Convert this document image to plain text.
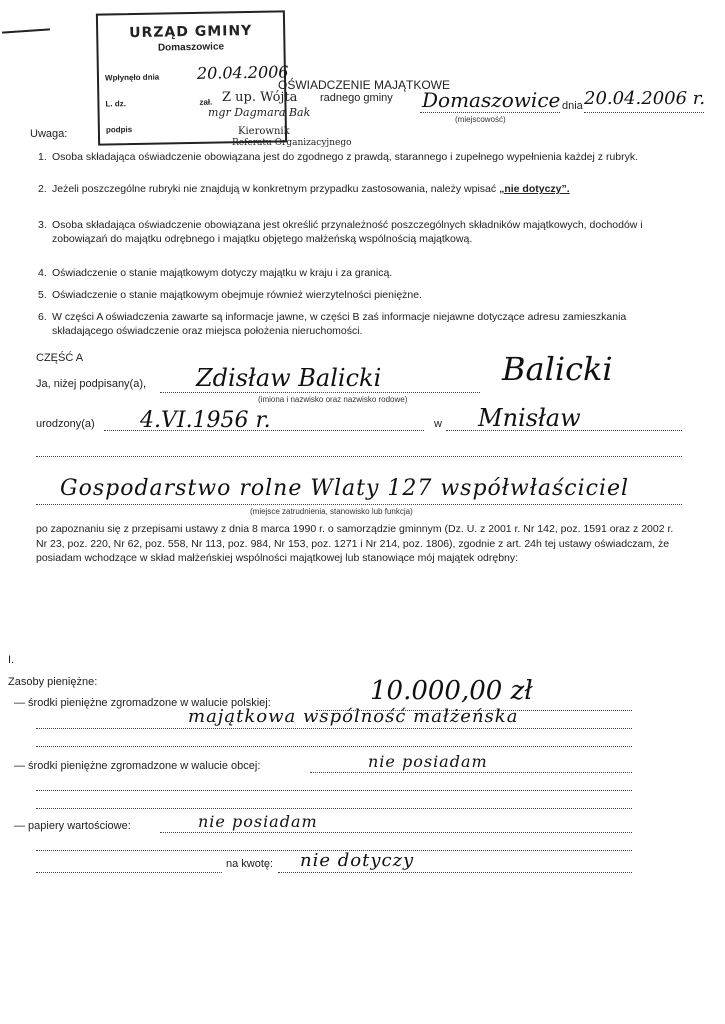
URZĄD GMINY
Domaszowice
Wpłynęło dnia 20.04.2006
L. dz.	zał.
podpis
Z up. Wójta
mgr Dagmara Bak
Kierownik
Referatu Organizacyjnego
OŚWIADCZENIE MAJĄTKOWE
radnego gminy Domaszowice
(miejscowość)
dnia 20.04.2006 r.
Uwaga:
1. Osoba składająca oświadczenie obowiązana jest do zgodnego z prawdą, starannego i zupełnego wypełnienia każdej z rubryk.
2. Jeżeli poszczególne rubryki nie znajdują w konkretnym przypadku zastosowania, należy wpisać „nie dotyczy”.
3. Osoba składająca oświadczenie obowiązana jest określić przynależność poszczególnych składników majątkowych, dochodów i zobowiązań do majątku odrębnego i majątku objętego małżeńską wspólnością majątkową.
4. Oświadczenie o stanie majątkowym dotyczy majątku w kraju i za granicą.
5. Oświadczenie o stanie majątkowym obejmuje również wierzytelności pieniężne.
6. W części A oświadczenia zawarte są informacje jawne, w części B zaś informacje niejawne dotyczące adresu zamieszkania składającego oświadczenie oraz miejsca położenia nieruchomości.
CZĘŚĆ A
Ja, niżej podpisany(a), Zdisław Balicki
(imiona i nazwisko oraz nazwisko rodowe)
Balicki
urodzony(a) 4.VI.1956 r.	w Mnisław
Gospodarstwo rolne Wlaty 127 współwłaściciel
(miejsce zatrudnienia, stanowisko lub funkcja)
po zapoznaniu się z przepisami ustawy z dnia 8 marca 1990 r. o samorządzie gminnym (Dz. U. z 2001 r. Nr 142, poz. 1591 oraz z 2002 r. Nr 23, poz. 220, Nr 62, poz. 558, Nr 113, poz. 984, Nr 153, poz. 1271 i Nr 214, poz. 1806), zgodnie z art. 24h tej ustawy oświadczam, że posiadam wchodzące w skład małżeńskiej wspólności majątkowej lub stanowiące mój majątek odrębny:
I.
Zasoby pieniężne:
— środki pieniężne zgromadzone w walucie polskiej:	10.000,00 zł
majątkowa wspólność małżeńska
— środki pieniężne zgromadzone w walucie obcej:	nie posiadam
— papiery wartościowe:	nie posiadam
na kwotę: nie dotyczy
